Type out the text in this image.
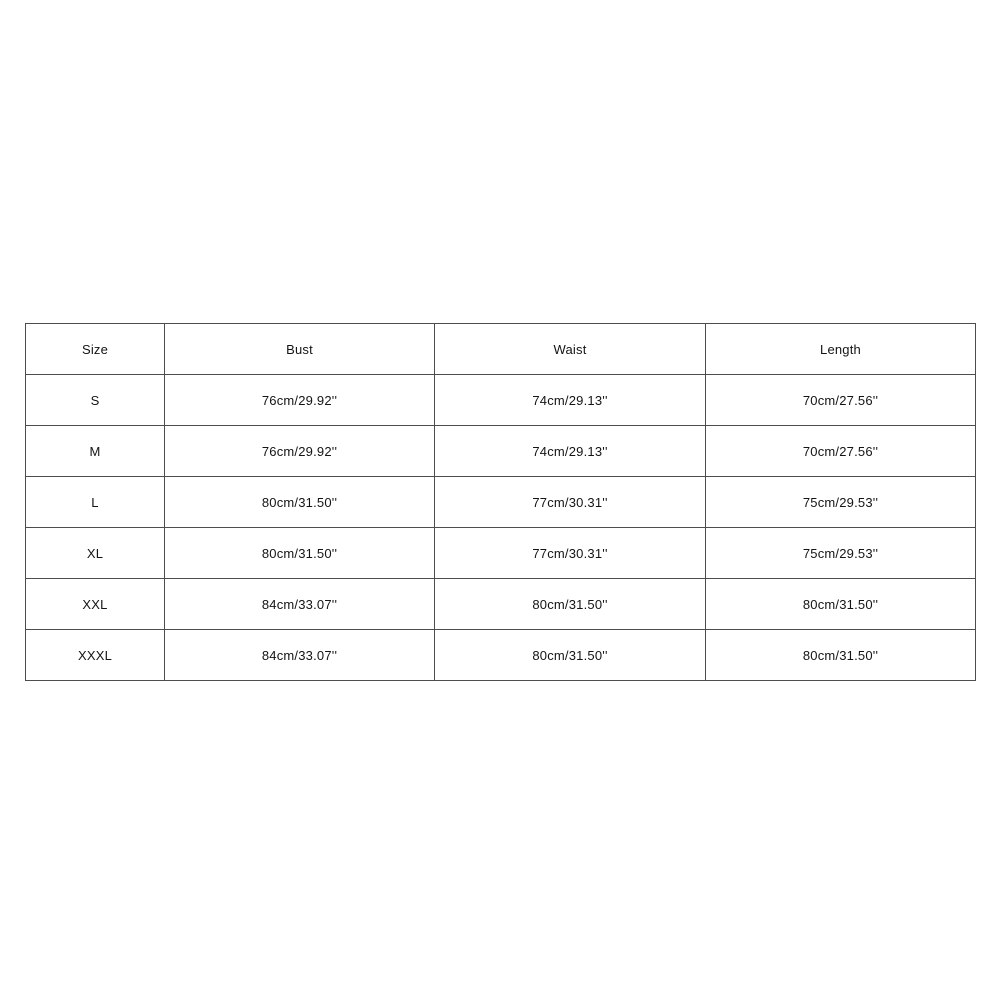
Size	Bust	Waist	Length
S	76cm/29.92''	74cm/29.13''	70cm/27.56''
M	76cm/29.92''	74cm/29.13''	70cm/27.56''
L	80cm/31.50''	77cm/30.31''	75cm/29.53''
XL	80cm/31.50''	77cm/30.31''	75cm/29.53''
XXL	84cm/33.07''	80cm/31.50''	80cm/31.50''
XXXL	84cm/33.07''	80cm/31.50''	80cm/31.50''
